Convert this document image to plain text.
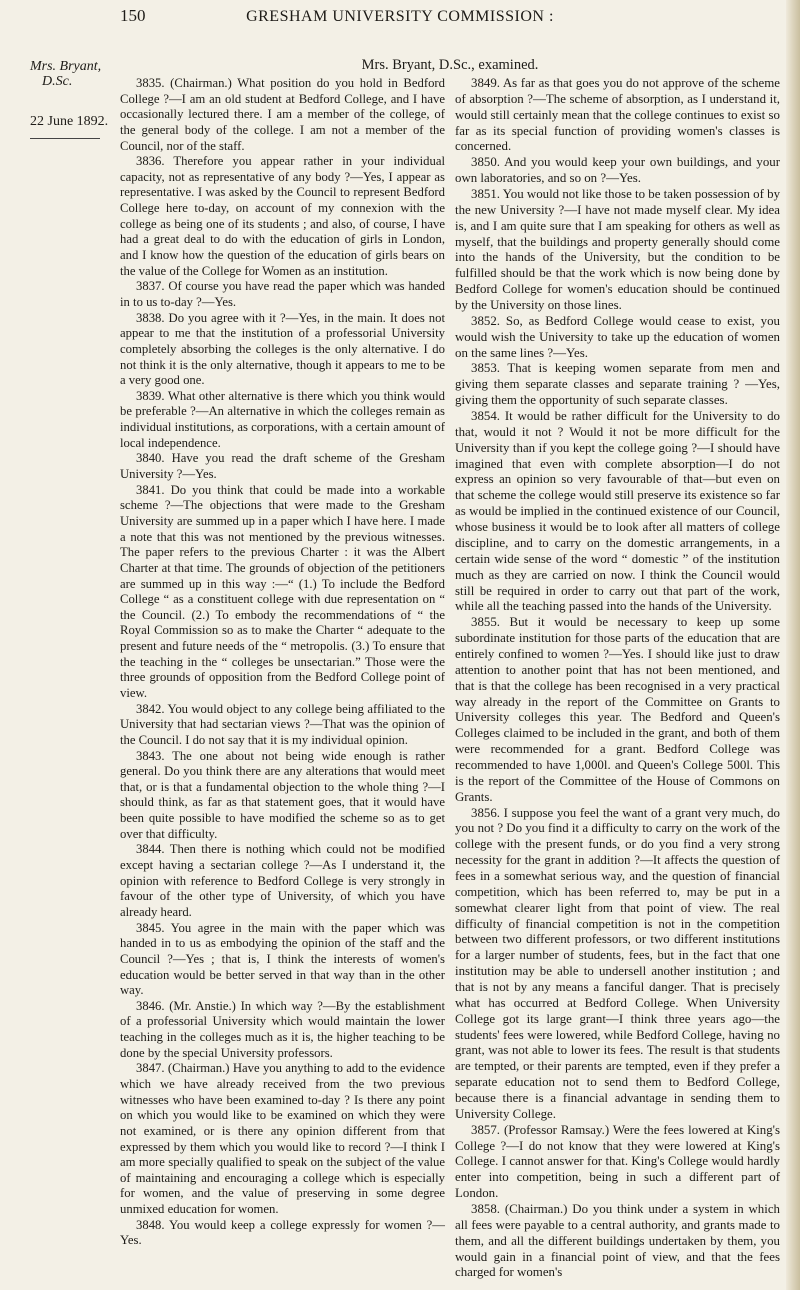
150	GRESHAM UNIVERSITY COMMISSION :
Mrs. Bryant,
D.Sc.
22 June 1892.
Mrs. Bryant, D.Sc., examined.

3835. (Chairman.) What position do you hold in Bedford College ?—I am an old student at Bedford College, and I have occasionally lectured there. I am a member of the college, of the general body of the college. I am not a member of the Council, nor of the staff.

3836. Therefore you appear rather in your individual capacity, not as representative of any body ?—Yes, I appear as representative. I was asked by the Council to represent Bedford College here to-day, on account of my connexion with the college as being one of its students ; and also, of course, I have had a great deal to do with the education of girls in London, and I know how the question of the education of girls bears on the value of the College for Women as an institution.

3837. Of course you have read the paper which was handed in to us to-day ?—Yes.

3838. Do you agree with it ?—Yes, in the main. It does not appear to me that the institution of a professorial University completely absorbing the colleges is the only alternative. I do not think it is the only alternative, though it appears to me to be a very good one.

3839. What other alternative is there which you think would be preferable ?—An alternative in which the colleges remain as individual institutions, as corporations, with a certain amount of local independence.

3840. Have you read the draft scheme of the Gresham University ?—Yes.

3841. Do you think that could be made into a workable scheme ?—The objections that were made to the Gresham University are summed up in a paper which I have here. I made a note that this was not mentioned by the previous witnesses. The paper refers to the previous Charter : it was the Albert Charter at that time. The grounds of objection of the petitioners are summed up in this way :—“ (1.) To include the Bedford College “ as a constituent college with due representation on “ the Council. (2.) To embody the recommendations of “ the Royal Commission so as to make the Charter “ adequate to the present and future needs of the “ metropolis. (3.) To ensure that the teaching in the “ colleges be unsectarian.” Those were the three grounds of opposition from the Bedford College point of view.

3842. You would object to any college being affiliated to the University that had sectarian views ?—That was the opinion of the Council. I do not say that it is my individual opinion.

3843. The one about not being wide enough is rather general. Do you think there are any alterations that would meet that, or is that a fundamental objection to the whole thing ?—I should think, as far as that statement goes, that it would have been quite possible to have modified the scheme so as to get over that difficulty.

3844. Then there is nothing which could not be modified except having a sectarian college ?—As I understand it, the opinion with reference to Bedford College is very strongly in favour of the other type of University, of which you have already heard.

3845. You agree in the main with the paper which was handed in to us as embodying the opinion of the staff and the Council ?—Yes ; that is, I think the interests of women's education would be better served in that way than in the other way.

3846. (Mr. Anstie.) In which way ?—By the establishment of a professorial University which would maintain the lower teaching in the colleges much as it is, the higher teaching to be done by the special University professors.

3847. (Chairman.) Have you anything to add to the evidence which we have already received from the two previous witnesses who have been examined to-day ? Is there any point on which you would like to be examined on which they were not examined, or is there any opinion different from that expressed by them which you would like to record ?—I think I am more specially qualified to speak on the subject of the value of maintaining and encouraging a college which is especially for women, and the value of preserving in some degree unmixed education for women.

3848. You would keep a college expressly for women ?—Yes.

3849. As far as that goes you do not approve of the scheme of absorption ?—The scheme of absorption, as I understand it, would still certainly mean that the college continues to exist so far as its special function of providing women's classes is concerned.

3850. And you would keep your own buildings, and your own laboratories, and so on ?—Yes.

3851. You would not like those to be taken possession of by the new University ?—I have not made myself clear. My idea is, and I am quite sure that I am speaking for others as well as myself, that the buildings and property generally should come into the hands of the University, but the condition to be fulfilled should be that the work which is now being done by Bedford College for women's education should be continued by the University on those lines.

3852. So, as Bedford College would cease to exist, you would wish the University to take up the education of women on the same lines ?—Yes.

3853. That is keeping women separate from men and giving them separate classes and separate training ? —Yes, giving them the opportunity of such separate classes.

3854. It would be rather difficult for the University to do that, would it not ? Would it not be more difficult for the University than if you kept the college going ?—I should have imagined that even with complete absorption—I do not express an opinion so very favourable of that—but even on that scheme the college would still preserve its existence so far as would be implied in the continued existence of our Council, whose business it would be to look after all matters of college discipline, and to carry on the domestic arrangements, in a certain wide sense of the word “ domestic ” of the institution much as they are carried on now. I think the Council would still be required in order to carry out that part of the work, while all the teaching passed into the hands of the University.

3855. But it would be necessary to keep up some subordinate institution for those parts of the education that are entirely confined to women ?—Yes. I should like just to draw attention to another point that has not been mentioned, and that is that the college has been recognised in a very practical way already in the report of the Committee on Grants to University colleges this year. The Bedford and Queen's Colleges claimed to be included in the grant, and both of them were recommended for a grant. Bedford College was recommended to have 1,000l. and Queen's College 500l. This is the report of the Committee of the House of Commons on Grants.

3856. I suppose you feel the want of a grant very much, do you not ? Do you find it a difficulty to carry on the work of the college with the present funds, or do you find a very strong necessity for the grant in addition ?—It affects the question of fees in a somewhat serious way, and the question of financial competition, which has been referred to, may be put in a somewhat clearer light from that point of view. The real difficulty of financial competition is not in the competition between two different professors, or two different institutions for a larger number of students, fees, but in the fact that one institution may be able to undersell another institution ; and that is not by any means a fanciful danger. That is precisely what has occurred at Bedford College. When University College got its large grant—I think three years ago—the students' fees were lowered, while Bedford College, having no grant, was not able to lower its fees. The result is that students are tempted, or their parents are tempted, even if they prefer a separate education not to send them to Bedford College, because there is a financial advantage in sending them to University College.

3857. (Professor Ramsay.) Were the fees lowered at King's College ?—I do not know that they were lowered at King's College. I cannot answer for that. King's College would hardly enter into competition, being in such a different part of London.

3858. (Chairman.) Do you think under a system in which all fees were payable to a central authority, and grants made to them, and all the different buildings undertaken by them, you would gain in a financial point of view, and that the fees charged for women's
